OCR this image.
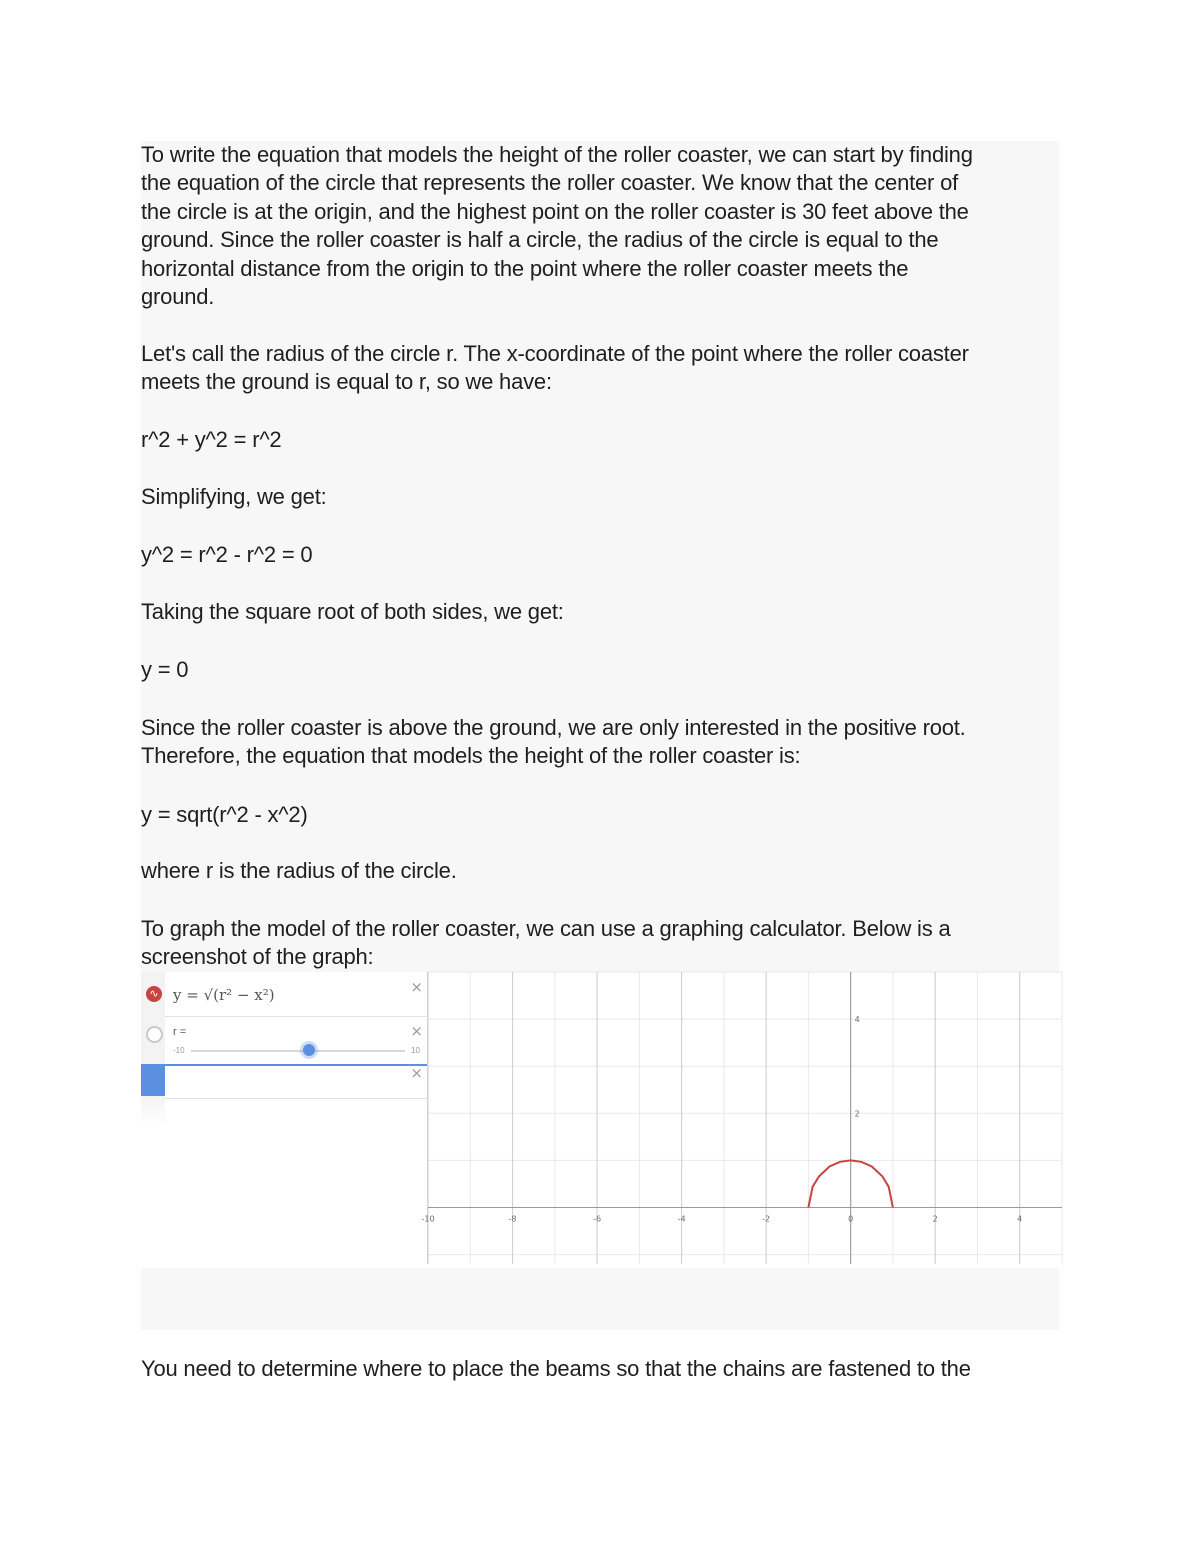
To write the equation that models the height of the roller coaster, we can start by finding
the equation of the circle that represents the roller coaster. We know that the center of
the circle is at the origin, and the highest point on the roller coaster is 30 feet above the
ground. Since the roller coaster is half a circle, the radius of the circle is equal to the
horizontal distance from the origin to the point where the roller coaster meets the
ground.

Let's call the radius of the circle r. The x-coordinate of the point where the roller coaster
meets the ground is equal to r, so we have:

r^2 + y^2 = r^2

Simplifying, we get:

y^2 = r^2 - r^2 = 0

Taking the square root of both sides, we get:

y = 0

Since the roller coaster is above the ground, we are only interested in the positive root.
Therefore, the equation that models the height of the roller coaster is:

y = sqrt(r^2 - x^2)

where r is the radius of the circle.

To graph the model of the roller coaster, we can use a graphing calculator. Below is a
screenshot of the graph:

∿ y = √(r² − x²)	×
×
r =
-10	10
×
-10	-8	-6	-4	-2	0	2	4
4
2

You need to determine where to place the beams so that the chains are fastened to the
